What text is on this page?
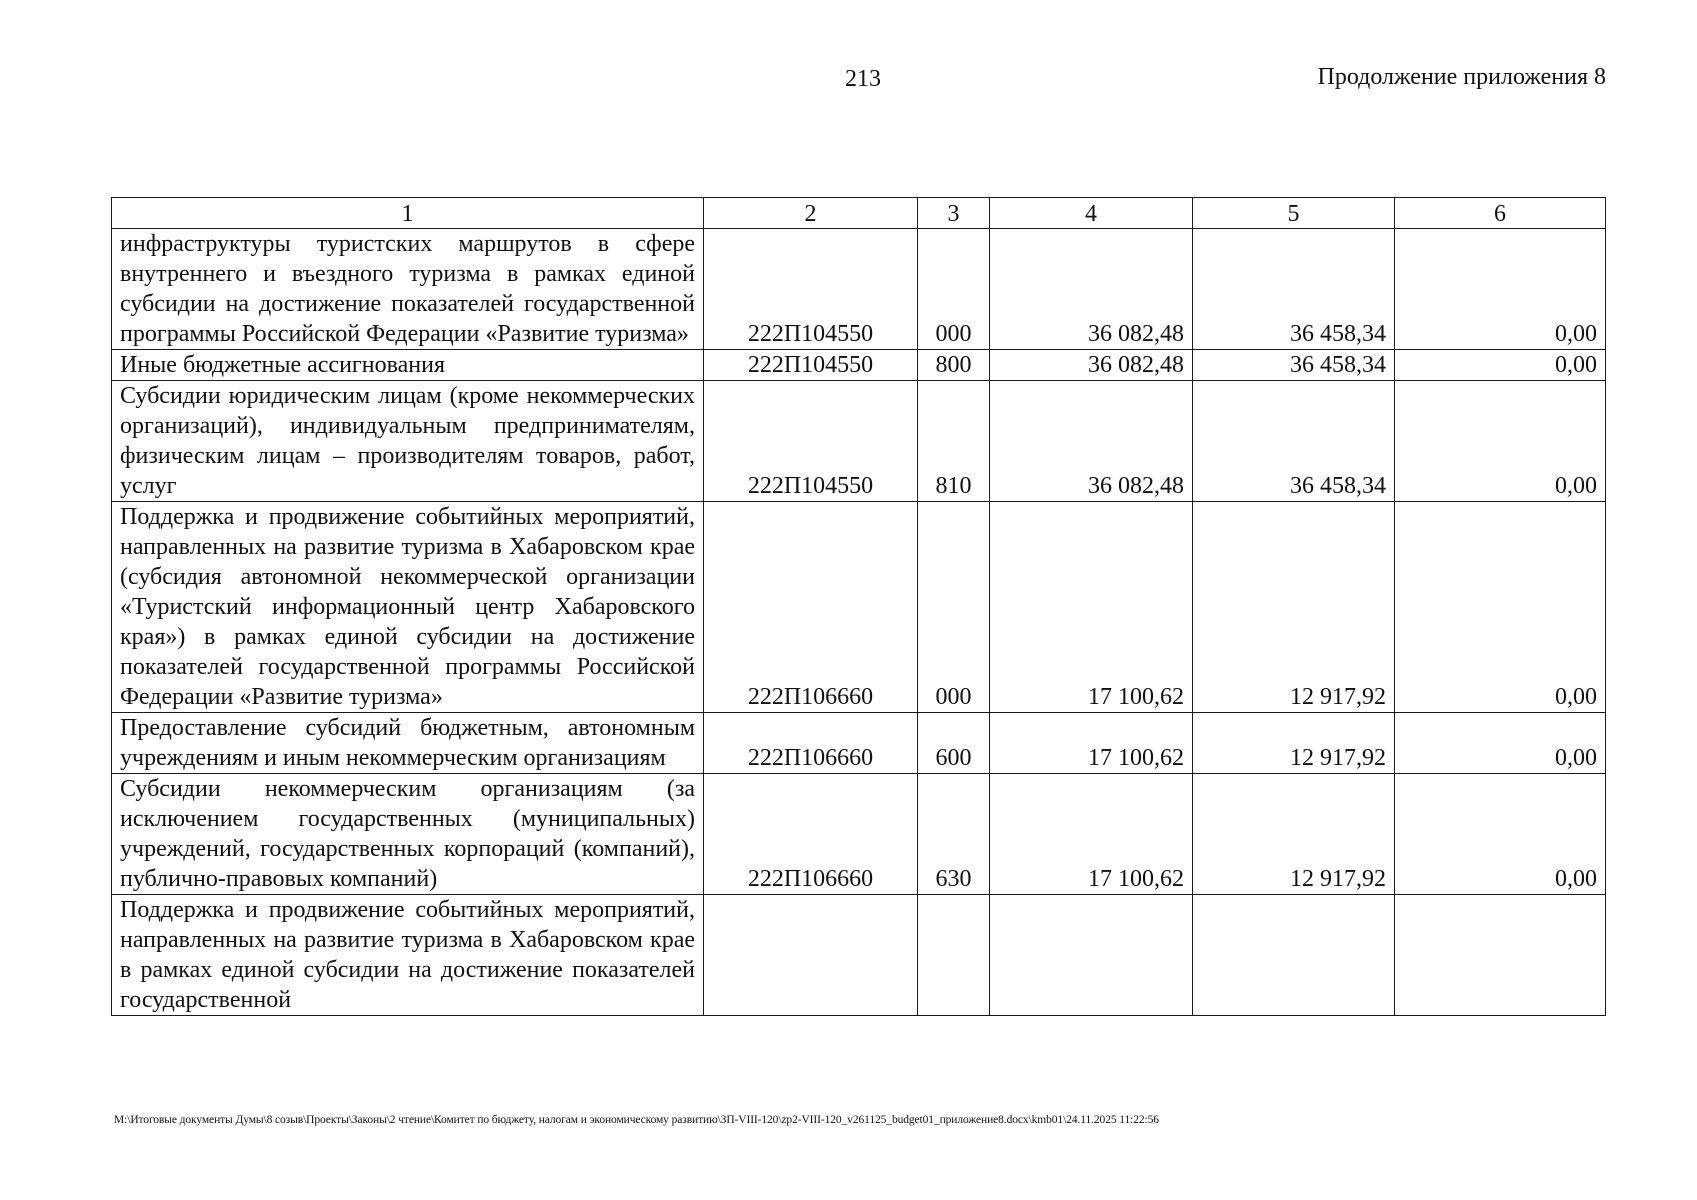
213	Продолжение приложения 8
1	2	3	4	5	6
инфраструктуры туристских маршрутов в сфере внутреннего и въездного туризма в рамках единой субсидии на достижение показателей государственной программы Российской Федерации «Развитие туризма»	222П104550	000	36 082,48	36 458,34	0,00
Иные бюджетные ассигнования	222П104550	800	36 082,48	36 458,34	0,00
Субсидии юридическим лицам (кроме некоммерческих организаций), индивидуальным предпринимателям, физическим лицам – производителям товаров, работ, услуг	222П104550	810	36 082,48	36 458,34	0,00
Поддержка и продвижение событийных мероприятий, направленных на развитие туризма в Хабаровском крае (субсидия автономной некоммерческой организации «Туристский информационный центр Хабаровского края») в рамках единой субсидии на достижение показателей государственной программы Российской Федерации «Развитие туризма»	222П106660	000	17 100,62	12 917,92	0,00
Предоставление субсидий бюджетным, автономным учреждениям и иным некоммерческим организациям	222П106660	600	17 100,62	12 917,92	0,00
Субсидии некоммерческим организациям (за исключением государственных (муниципальных) учреждений, государственных корпораций (компаний), публично-правовых компаний)	222П106660	630	17 100,62	12 917,92	0,00
Поддержка и продвижение событийных мероприятий, направленных на развитие туризма в Хабаровском крае в рамках единой субсидии на достижение показателей государственной					
M:\Итоговые документы Думы\8 созыв\Проекты\Законы\2 чтение\Комитет по бюджету, налогам и экономическому развитию\ЗП-VIII-120\zp2-VIII-120_v261125_budget01_приложение8.docx\kmb01\24.11.2025 11:22:56
